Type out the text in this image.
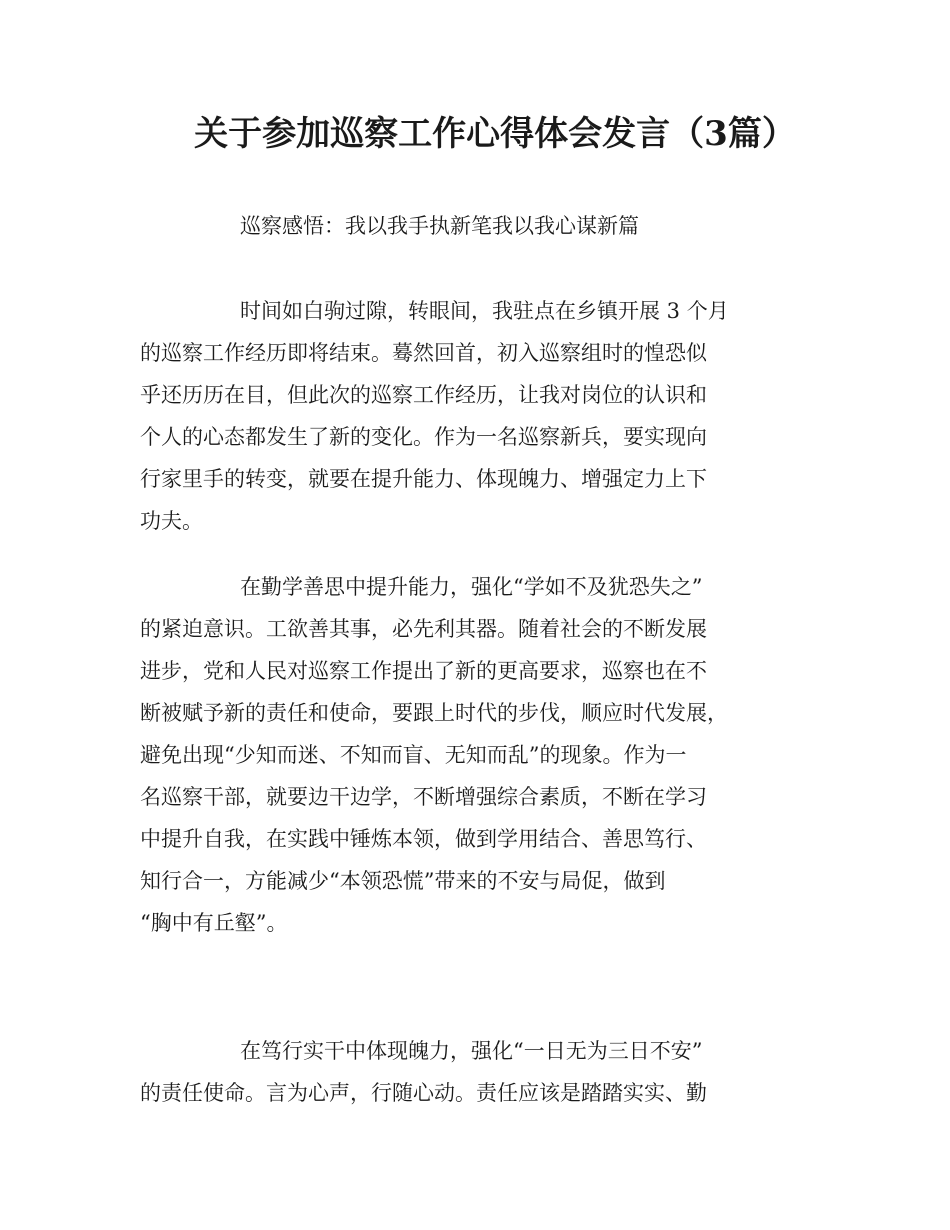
关于参加巡察工作心得体会发言（3篇）
巡察感悟：我以我手执新笔我以我心谋新篇
时间如白驹过隙，转眼间，我驻点在乡镇开展 3 个月
的巡察工作经历即将结束。蓦然回首，初入巡察组时的惶恐似
乎还历历在目，但此次的巡察工作经历，让我对岗位的认识和
个人的心态都发生了新的变化。作为一名巡察新兵，要实现向
行家里手的转变，就要在提升能力、体现魄力、增强定力上下
功夫。
在勤学善思中提升能力，强化“学如不及犹恐失之”
的紧迫意识。工欲善其事，必先利其器。随着社会的不断发展
进步，党和人民对巡察工作提出了新的更高要求，巡察也在不
断被赋予新的责任和使命，要跟上时代的步伐，顺应时代发展，
避免出现“少知而迷、不知而盲、无知而乱”的现象。作为一
名巡察干部，就要边干边学，不断增强综合素质，不断在学习
中提升自我，在实践中锤炼本领，做到学用结合、善思笃行、
知行合一，方能减少“本领恐慌”带来的不安与局促，做到
“胸中有丘壑”。
在笃行实干中体现魄力，强化“一日无为三日不安”
的责任使命。言为心声，行随心动。责任应该是踏踏实实、勤
